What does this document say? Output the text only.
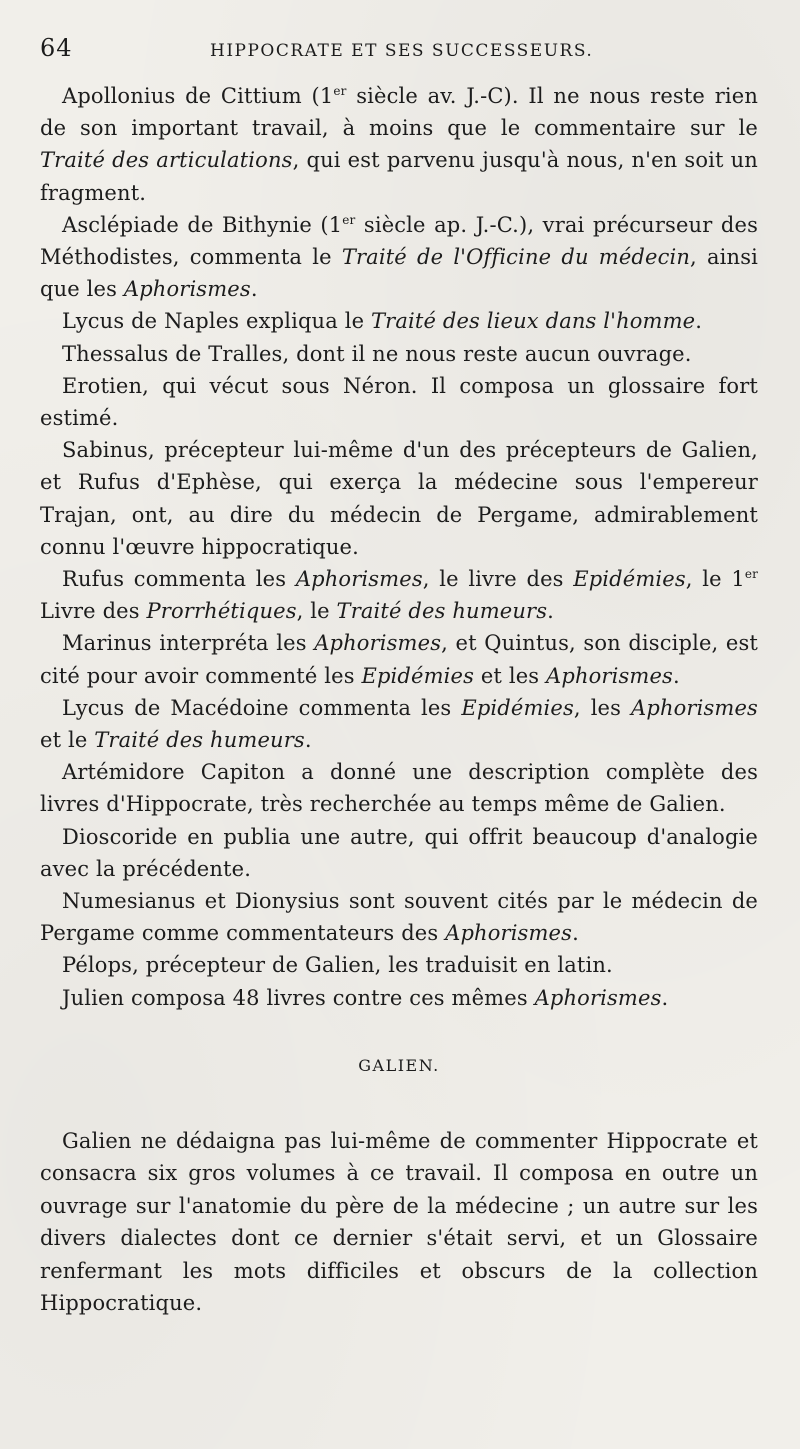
64	HIPPOCRATE ET SES SUCCESSEURS.

Apollonius de Cittium (1er siècle av. J.-C). Il ne nous reste rien de son important travail, à moins que le commentaire sur le Traité des articulations, qui est parvenu jusqu'à nous, n'en soit un fragment.

Asclépiade de Bithynie (1er siècle ap. J.-C.), vrai précurseur des Méthodistes, commenta le Traité de l'Officine du médecin, ainsi que les Aphorismes.

Lycus de Naples expliqua le Traité des lieux dans l'homme.

Thessalus de Tralles, dont il ne nous reste aucun ouvrage.

Erotien, qui vécut sous Néron. Il composa un glossaire fort estimé.

Sabinus, précepteur lui-même d'un des précepteurs de Galien, et Rufus d'Ephèse, qui exerça la médecine sous l'empereur Trajan, ont, au dire du médecin de Pergame, admirablement connu l'œuvre hippocratique.

Rufus commenta les Aphorismes, le livre des Epidémies, le 1er Livre des Prorrhétiques, le Traité des humeurs.

Marinus interpréta les Aphorismes, et Quintus, son disciple, est cité pour avoir commenté les Epidémies et les Aphorismes.

Lycus de Macédoine commenta les Epidémies, les Aphorismes et le Traité des humeurs.

Artémidore Capiton a donné une description complète des livres d'Hippocrate, très recherchée au temps même de Galien.

Dioscoride en publia une autre, qui offrit beaucoup d'analogie avec la précédente.

Numesianus et Dionysius sont souvent cités par le médecin de Pergame comme commentateurs des Aphorismes.

Pélops, précepteur de Galien, les traduisit en latin.

Julien composa 48 livres contre ces mêmes Aphorismes.

GALIEN.

Galien ne dédaigna pas lui-même de commenter Hippocrate et consacra six gros volumes à ce travail. Il composa en outre un ouvrage sur l'anatomie du père de la médecine ; un autre sur les divers dialectes dont ce dernier s'était servi, et un Glossaire renfermant les mots difficiles et obscurs de la collection Hippocratique.
